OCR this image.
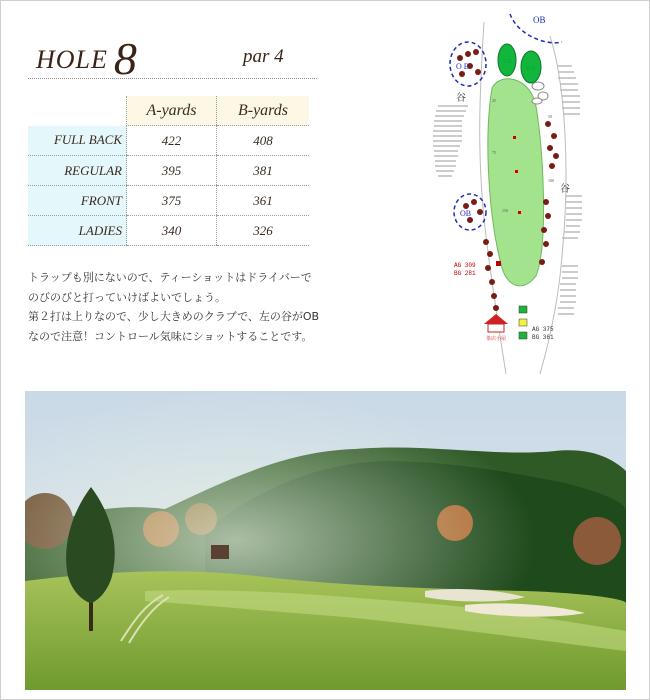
HOLE 8	par 4
	A-yards	B-yards	
FULL BACK	422	408	
REGULAR	395	381	
FRONT	375	361	
LADIES	340	326	

トラップも別にないので、ティーショットはドライバーで

のびのびと打っていけばよいでしょう。

第２打は上りなので、少し大きめのクラブで、左の谷がOB

なので注意！コントロール気味にショットすることです。

A G
B G
25
50
75
100
150
O B
OB
OB
谷
谷
AG 309
BG 281
AG 375
BG 361
茶店小屋
